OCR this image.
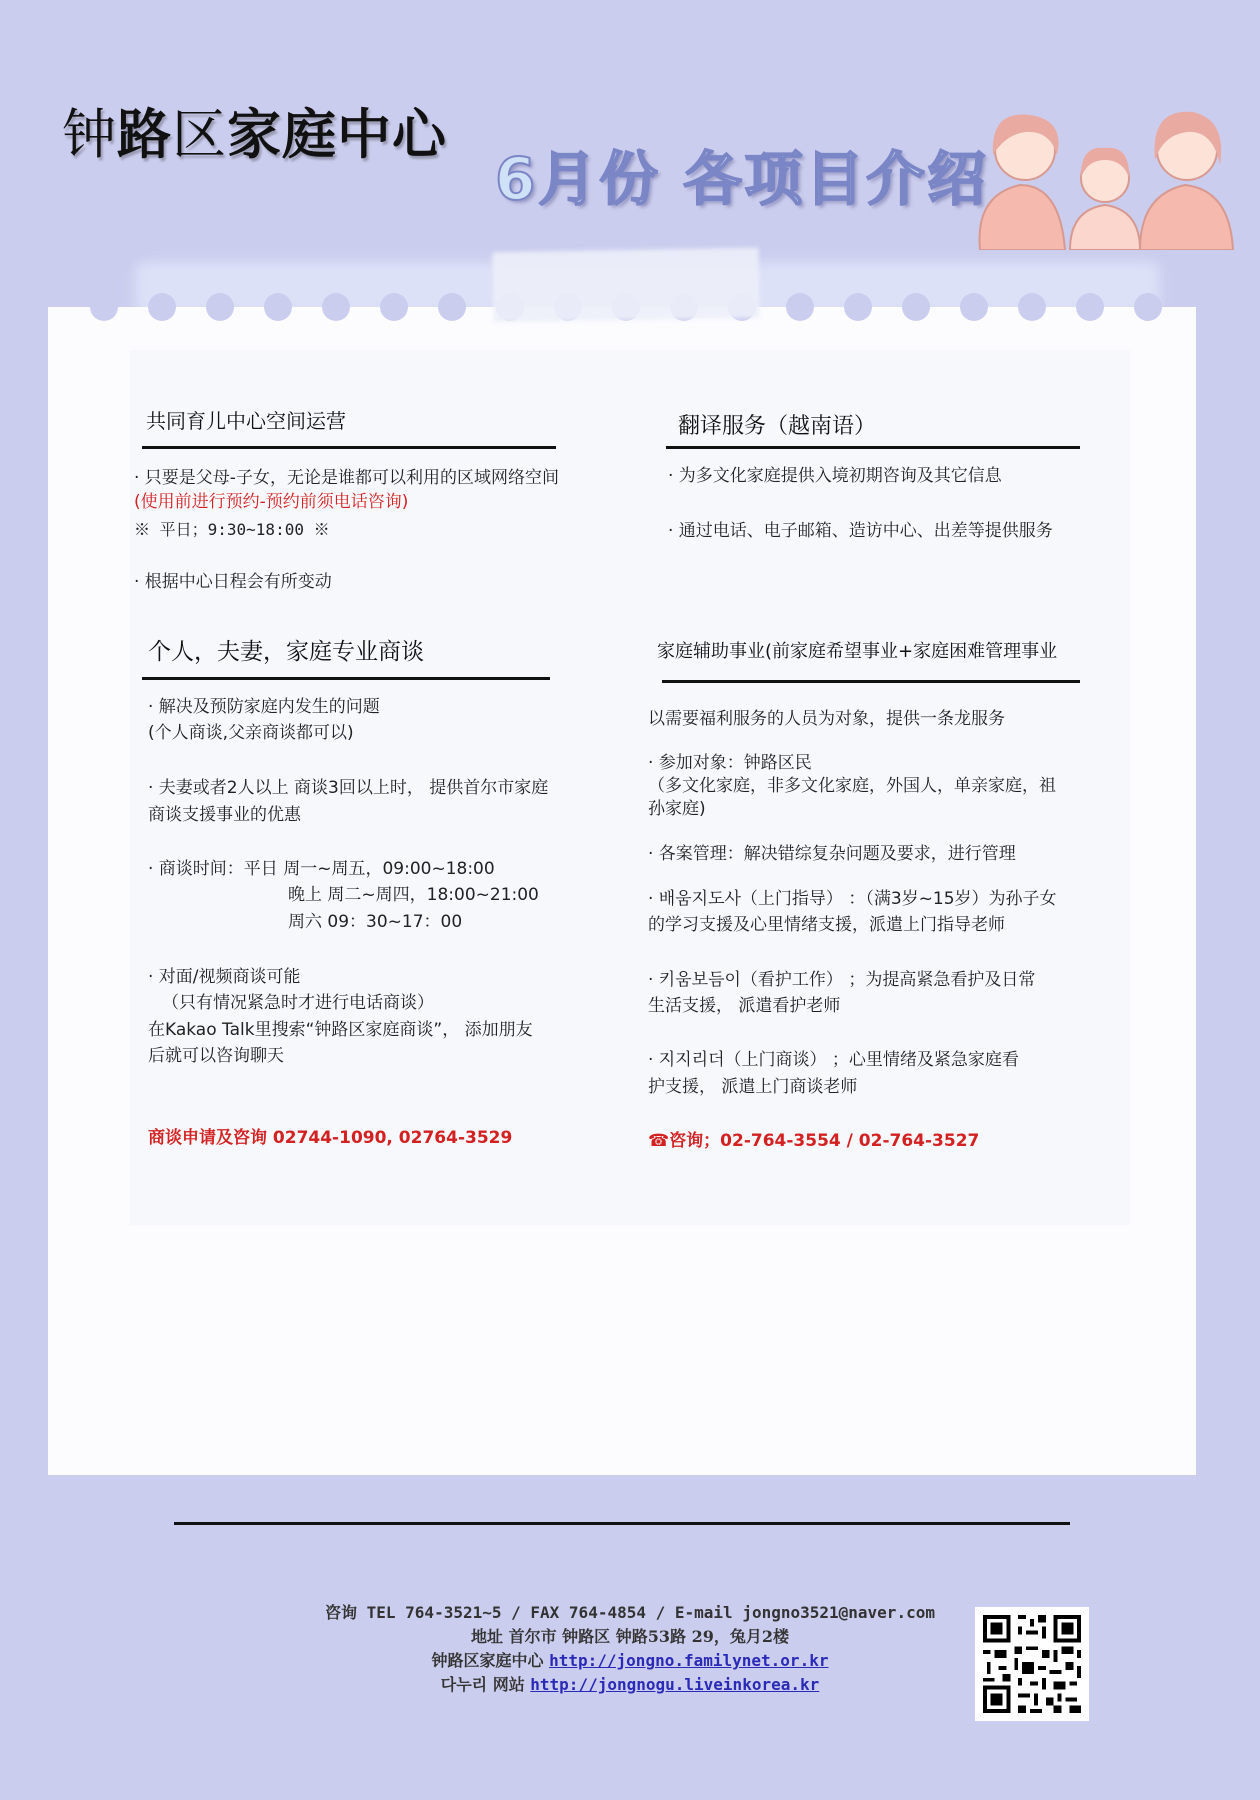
钟路区家庭中心
6月份 各项目介绍
共同育儿中心空间运营
· 只要是父母-子女，无论是谁都可以利用的区域网络空间
(使用前进行预约-预约前须电话咨询)
※ 平日；9:30~18:00 ※
· 根据中心日程会有所变动
翻译服务（越南语）
· 为多文化家庭提供入境初期咨询及其它信息
· 通过电话、电子邮箱、造访中心、出差等提供服务
个人，夫妻，家庭专业商谈
· 解决及预防家庭内发生的问题
(个人商谈,父亲商谈都可以)
· 夫妻或者2人以上 商谈3回以上时， 提供首尔市家庭
商谈支援事业的优惠
· 商谈时间：平日 周一~周五，09:00~18:00
晚上 周二~周四，18:00~21:00
周六 09：30~17：00
· 对面/视频商谈可能
（只有情况紧急时才进行电话商谈）
在Kakao Talk里搜索“钟路区家庭商谈”， 添加朋友
后就可以咨询聊天
商谈申请及咨询 02744-1090, 02764-3529
家庭辅助事业(前家庭希望事业+家庭困难管理事业
以需要福利服务的人员为对象，提供一条龙服务
· 参加对象：钟路区民
（多文化家庭，非多文化家庭，外国人，单亲家庭，祖
孙家庭)
· 各案管理：解决错综复杂问题及要求，进行管理
· 배움지도사（上门指导） ：（满3岁~15岁）为孙子女
的学习支援及心里情绪支援，派遣上门指导老师
· 키움보듬이（看护工作） ；为提高紧急看护及日常
生活支援， 派遣看护老师
· 지지리더（上门商谈） ；心里情绪及紧急家庭看
护支援， 派遣上门商谈老师
☎咨询；02-764-3554 / 02-764-3527
咨询 TEL 764-3521~5 / FAX 764-4854 / E-mail jongno3521@naver.com
地址 首尔市 钟路区 钟路53路 29，兔月2楼
钟路区家庭中心 http://jongno.familynet.or.kr
다누리 网站 http://jongnogu.liveinkorea.kr
